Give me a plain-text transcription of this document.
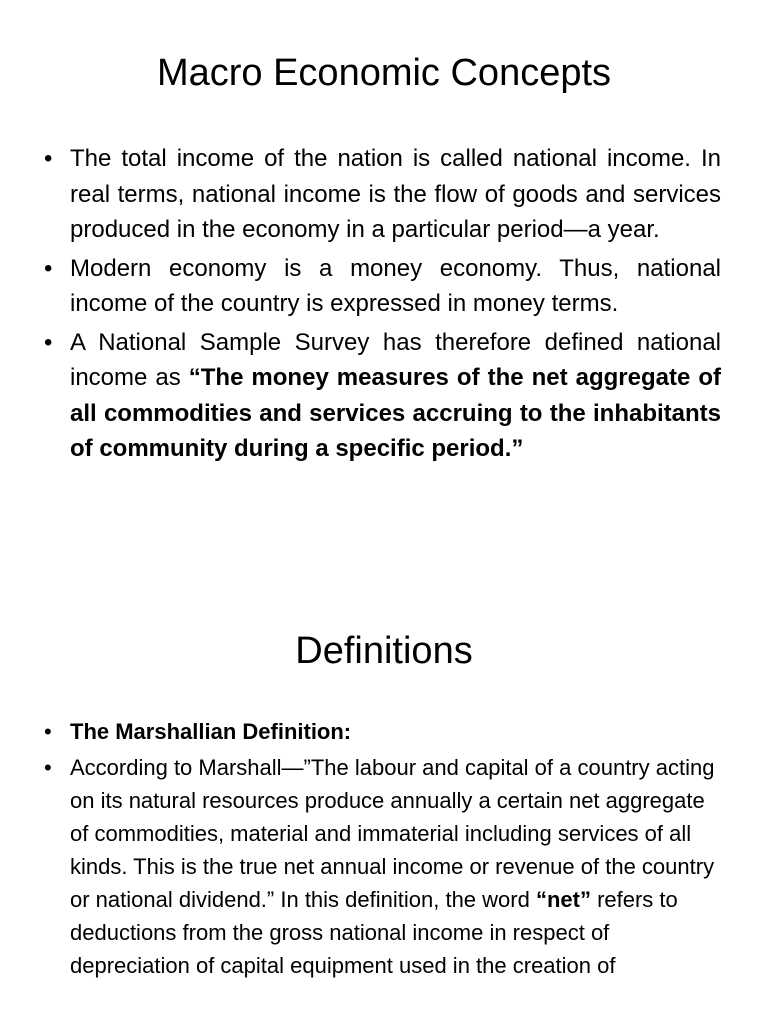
Macro Economic Concepts
• The total income of the nation is called national income. In real terms, national income is the flow of goods and services produced in the economy in a particular period—a year.
• Modern economy is a money economy. Thus, national income of the country is expressed in money terms.
• A National Sample Survey has therefore defined national income as “The money measures of the net aggregate of all commodities and services accruing to the inhabitants of community during a specific period.”
Definitions
• The Marshallian Definition:
• According to Marshall—”The labour and capital of a country acting on its natural resources produce annually a certain net aggregate of commodities, material and immaterial including services of all kinds. This is the true net annual income or revenue of the country or national dividend.” In this definition, the word “net” refers to deductions from the gross national income in respect of depreciation of capital equipment used in the creation of
